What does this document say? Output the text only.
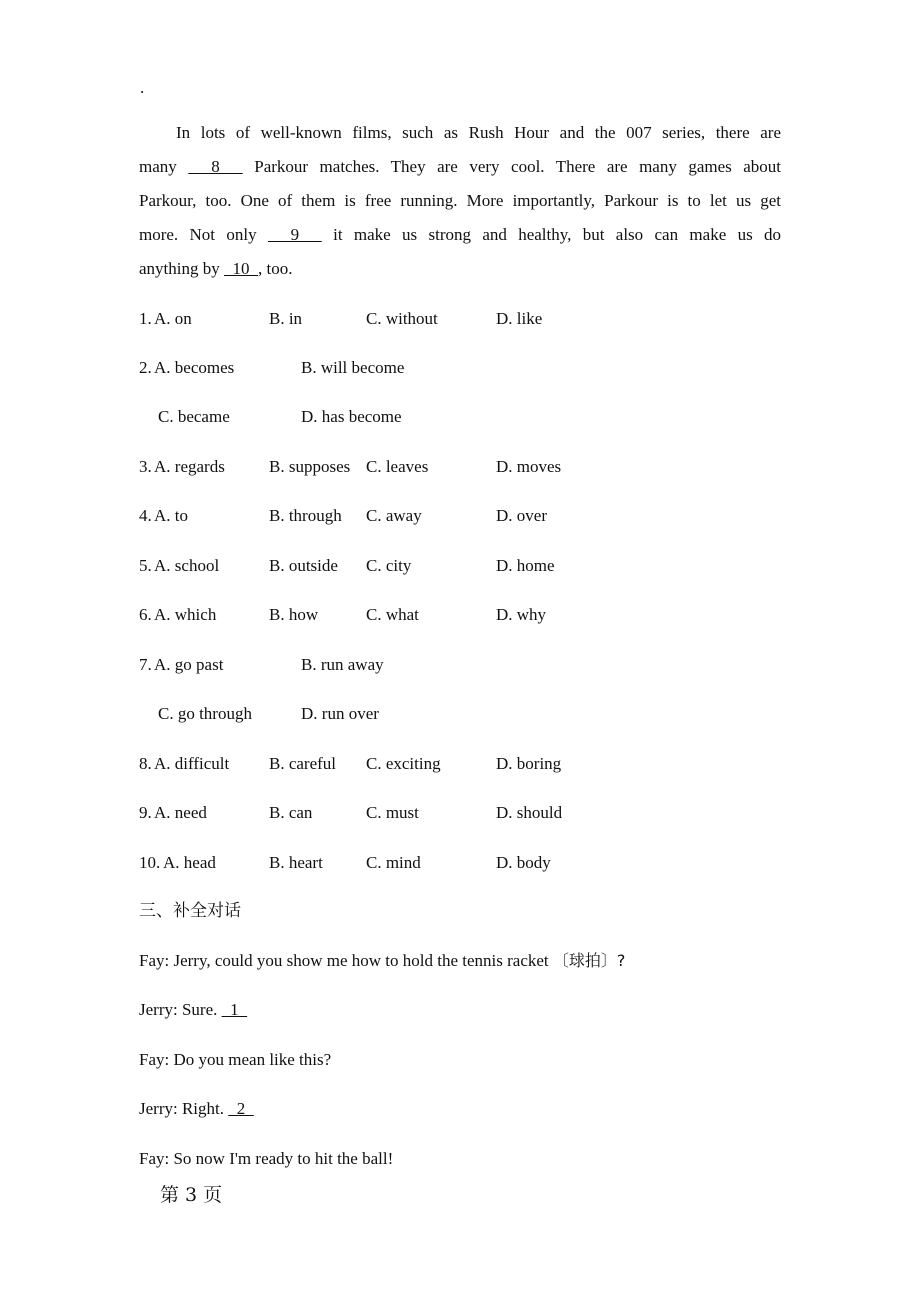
.
In lots of well-known films, such as Rush Hour and the 007 series, there are
many   8   Parkour matches. They are very cool. There are many games about
Parkour, too. One of them is free running. More importantly, Parkour is to let us get
more. Not only   9   it make us strong and healthy, but also can make us do
anything by   10  , too.
1. A. on	B. in	C. without	D. like
2. A. becomes	B. will become
C. became	D. has become
3. A. regards	B. supposes C. leaves	D. moves
4. A. to	B. through C. away	D. over
5. A. school	B. outside C. city	D. home
6. A. which	B. how	C. what	D. why
7. A. go past	B. run away
C. go through	D. run over
8. A. difficult B. careful C. exciting	D. boring
9. A. need	B. can	C. must	D. should
10. A. head	B. heart	C. mind	D. body
三、补全对话
Fay: Jerry, could you show me how to hold the tennis racket 〔球拍〕?
Jerry: Sure.   1
Fay: Do you mean like this?
Jerry: Right.   2
Fay: So now I'm ready to hit the ball!
第 3 页
